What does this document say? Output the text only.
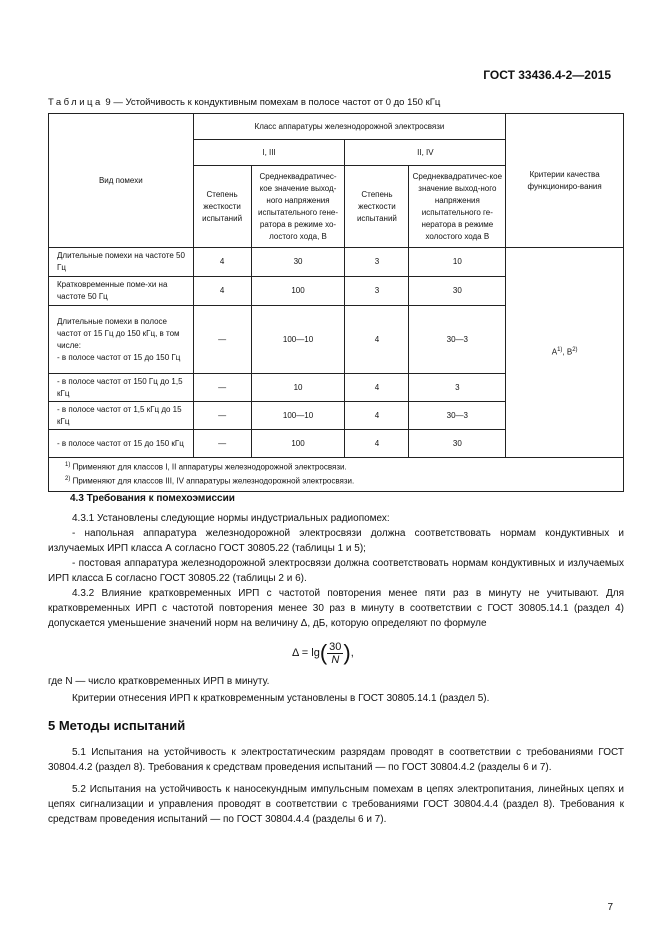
ГОСТ 33436.4-2—2015
Таблица 9 — Устойчивость к кондуктивным помехам в полосе частот от 0 до 150 кГц
Вид помехи	Класс аппаратуры железнодорожной электросвязи				Критерии качества функциониро-вания
	I, III		II, IV		
	Степень жесткости испытаний	Среднеквадратичес-кое значение выход-ного напряжения испытательного гене-ратора в режиме хо-лостого хода, В	Степень жесткости испытаний	Среднеквадратичес-кое значение выход-ного напряжения испытательного ге-нератора в режиме холостого хода В	
Длительные помехи на частоте 50 Гц	4	30	3	10	$А^{1)}$, $В^{2)}$
Кратковременные поме-хи на частоте 50 Гц	4	100	3	30	

Длительные помехи в полосе частот от 15 Гц до 150 кГц, в том числе:
- в полосе частот от 15 до 150 Гц	—	100—10	4	30—3	
- в полосе частот от 150 Гц до 1,5 кГц	—	10	4	3	
- в полосе частот от 1,5 кГц до 15 кГц	—	100—10	4	30—3	
- в полосе частот от 15 до 150 кГц	—	100	4	30	

$^{1)}$ Применяют для классов I, II аппаратуры железнодорожной электросвязи.
$^{2)}$ Применяют для классов III, IV аппаратуры железнодорожной электросвязи.					
4.3 Требования к помехоэмиссии

4.3.1 Установлены следующие нормы индустриальных радиопомех:

- напольная аппаратура железнодорожной электросвязи должна соответствовать нормам кондуктивных и излучаемых ИРП класса А согласно ГОСТ 30805.22 (таблицы 1 и 5);

- постовая аппаратура железнодорожной электросвязи должна соответствовать нормам кондуктивных и излучаемых ИРП класса Б согласно ГОСТ 30805.22 (таблицы 2 и 6).

4.3.2 Влияние кратковременных ИРП с частотой повторения менее пяти раз в минуту не учитывают. Для кратковременных ИРП с частотой повторения менее 30 раз в минуту в соответствии с ГОСТ 30805.14.1 (раздел 4) допускается уменьшение значений норм на величину Δ, дБ, которую определяют по формуле

$\Delta = \lg( \frac{30}{N}$ ),

где N — число кратковременных ИРП в минуту.

Критерии отнесения ИРП к кратковременным установлены в ГОСТ 30805.14.1 (раздел 5).

5 Методы испытаний

5.1 Испытания на устойчивость к электростатическим разрядам проводят в соответствии с требованиями ГОСТ 30804.4.2 (раздел 8). Требования к средствам проведения испытаний — по ГОСТ 30804.4.2 (разделы 6 и 7).

5.2 Испытания на устойчивость к наносекундным импульсным помехам в цепях электропитания, линейных цепях и цепях сигнализации и управления проводят в соответствии с требованиями ГОСТ 30804.4.4 (раздел 8). Требования к средствам проведения испытаний — по ГОСТ 30804.4.4 (разделы 6 и 7).

7
